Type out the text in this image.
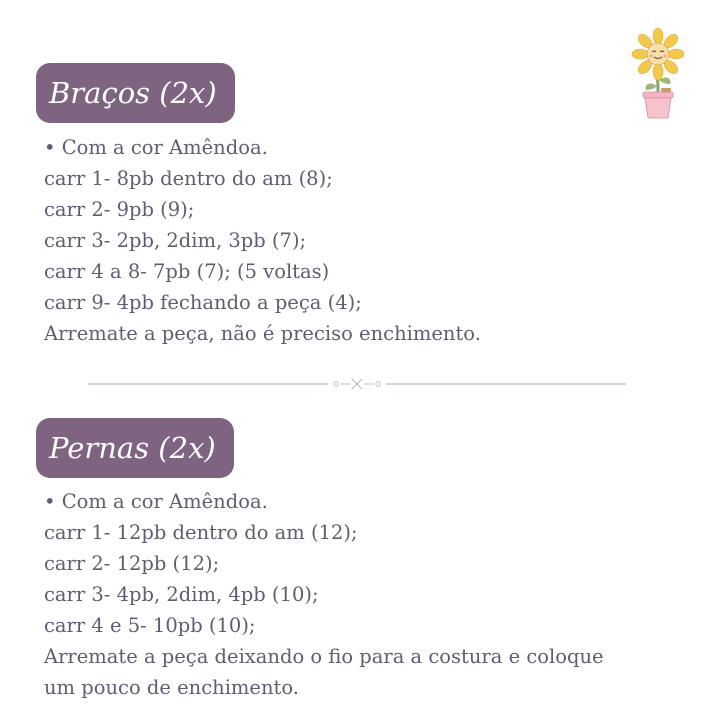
Braços (2x)
• Com a cor Amêndoa.
carr 1- 8pb dentro do am (8);
carr 2- 9pb (9);
carr 3- 2pb, 2dim, 3pb (7);
carr 4 a 8- 7pb (7); (5 voltas)
carr 9- 4pb fechando a peça (4);
Arremate a peça, não é preciso enchimento.
Pernas (2x)
• Com a cor Amêndoa.
carr 1- 12pb dentro do am (12);
carr 2- 12pb (12);
carr 3- 4pb, 2dim, 4pb (10);
carr 4 e 5- 10pb (10);
Arremate a peça deixando o fio para a costura e coloque
um pouco de enchimento.
